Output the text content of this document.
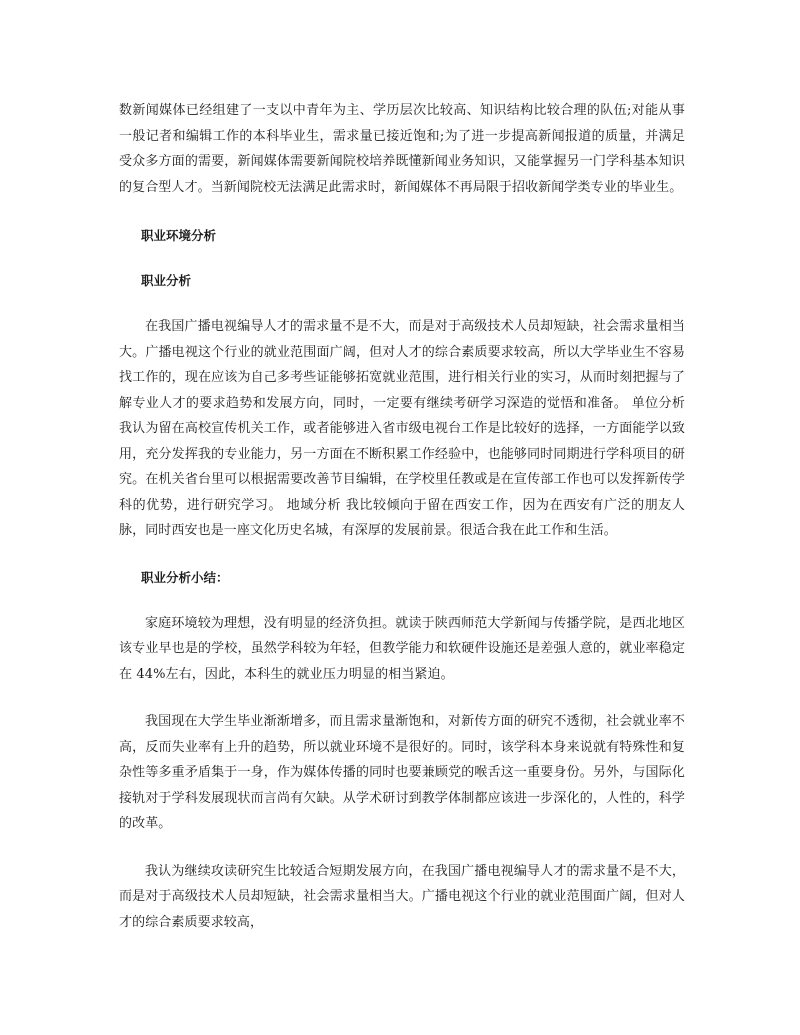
数新闻媒体已经组建了一支以中青年为主、学历层次比较高、知识结构比较合理的队伍;对能从事一般记者和编辑工作的本科毕业生，需求量已接近饱和;为了进一步提高新闻报道的质量，并满足受众多方面的需要，新闻媒体需要新闻院校培养既懂新闻业务知识，又能掌握另一门学科基本知识的复合型人才。当新闻院校无法满足此需求时，新闻媒体不再局限于招收新闻学类专业的毕业生。

职业环境分析

职业分析

在我国广播电视编导人才的需求量不是不大，而是对于高级技术人员却短缺，社会需求量相当大。广播电视这个行业的就业范围面广阔，但对人才的综合素质要求较高，所以大学毕业生不容易找工作的，现在应该为自己多考些证能够拓宽就业范围，进行相关行业的实习，从而时刻把握与了解专业人才的要求趋势和发展方向，同时，一定要有继续考研学习深造的觉悟和准备。 单位分析 我认为留在高校宣传机关工作，或者能够进入省市级电视台工作是比较好的选择，一方面能学以致用，充分发挥我的专业能力，另一方面在不断积累工作经验中，也能够同时同期进行学科项目的研究。在机关省台里可以根据需要改善节目编辑，在学校里任教或是在宣传部工作也可以发挥新传学科的优势，进行研究学习。 地域分析 我比较倾向于留在西安工作，因为在西安有广泛的朋友人脉，同时西安也是一座文化历史名城，有深厚的发展前景。很适合我在此工作和生活。

职业分析小结：

家庭环境较为理想，没有明显的经济负担。就读于陕西师范大学新闻与传播学院，是西北地区该专业早也是的学校，虽然学科较为年轻，但教学能力和软硬件设施还是差强人意的，就业率稳定在 44%左右，因此，本科生的就业压力明显的相当紧迫。

我国现在大学生毕业渐渐增多，而且需求量渐饱和，对新传方面的研究不透彻，社会就业率不高，反而失业率有上升的趋势，所以就业环境不是很好的。同时，该学科本身来说就有特殊性和复杂性等多重矛盾集于一身，作为媒体传播的同时也要兼顾党的喉舌这一重要身份。另外，与国际化接轨对于学科发展现状而言尚有欠缺。从学术研讨到教学体制都应该进一步深化的，人性的，科学的改革。

我认为继续攻读研究生比较适合短期发展方向，在我国广播电视编导人才的需求量不是不大，而是对于高级技术人员却短缺，社会需求量相当大。广播电视这个行业的就业范围面广阔，但对人才的综合素质要求较高，
